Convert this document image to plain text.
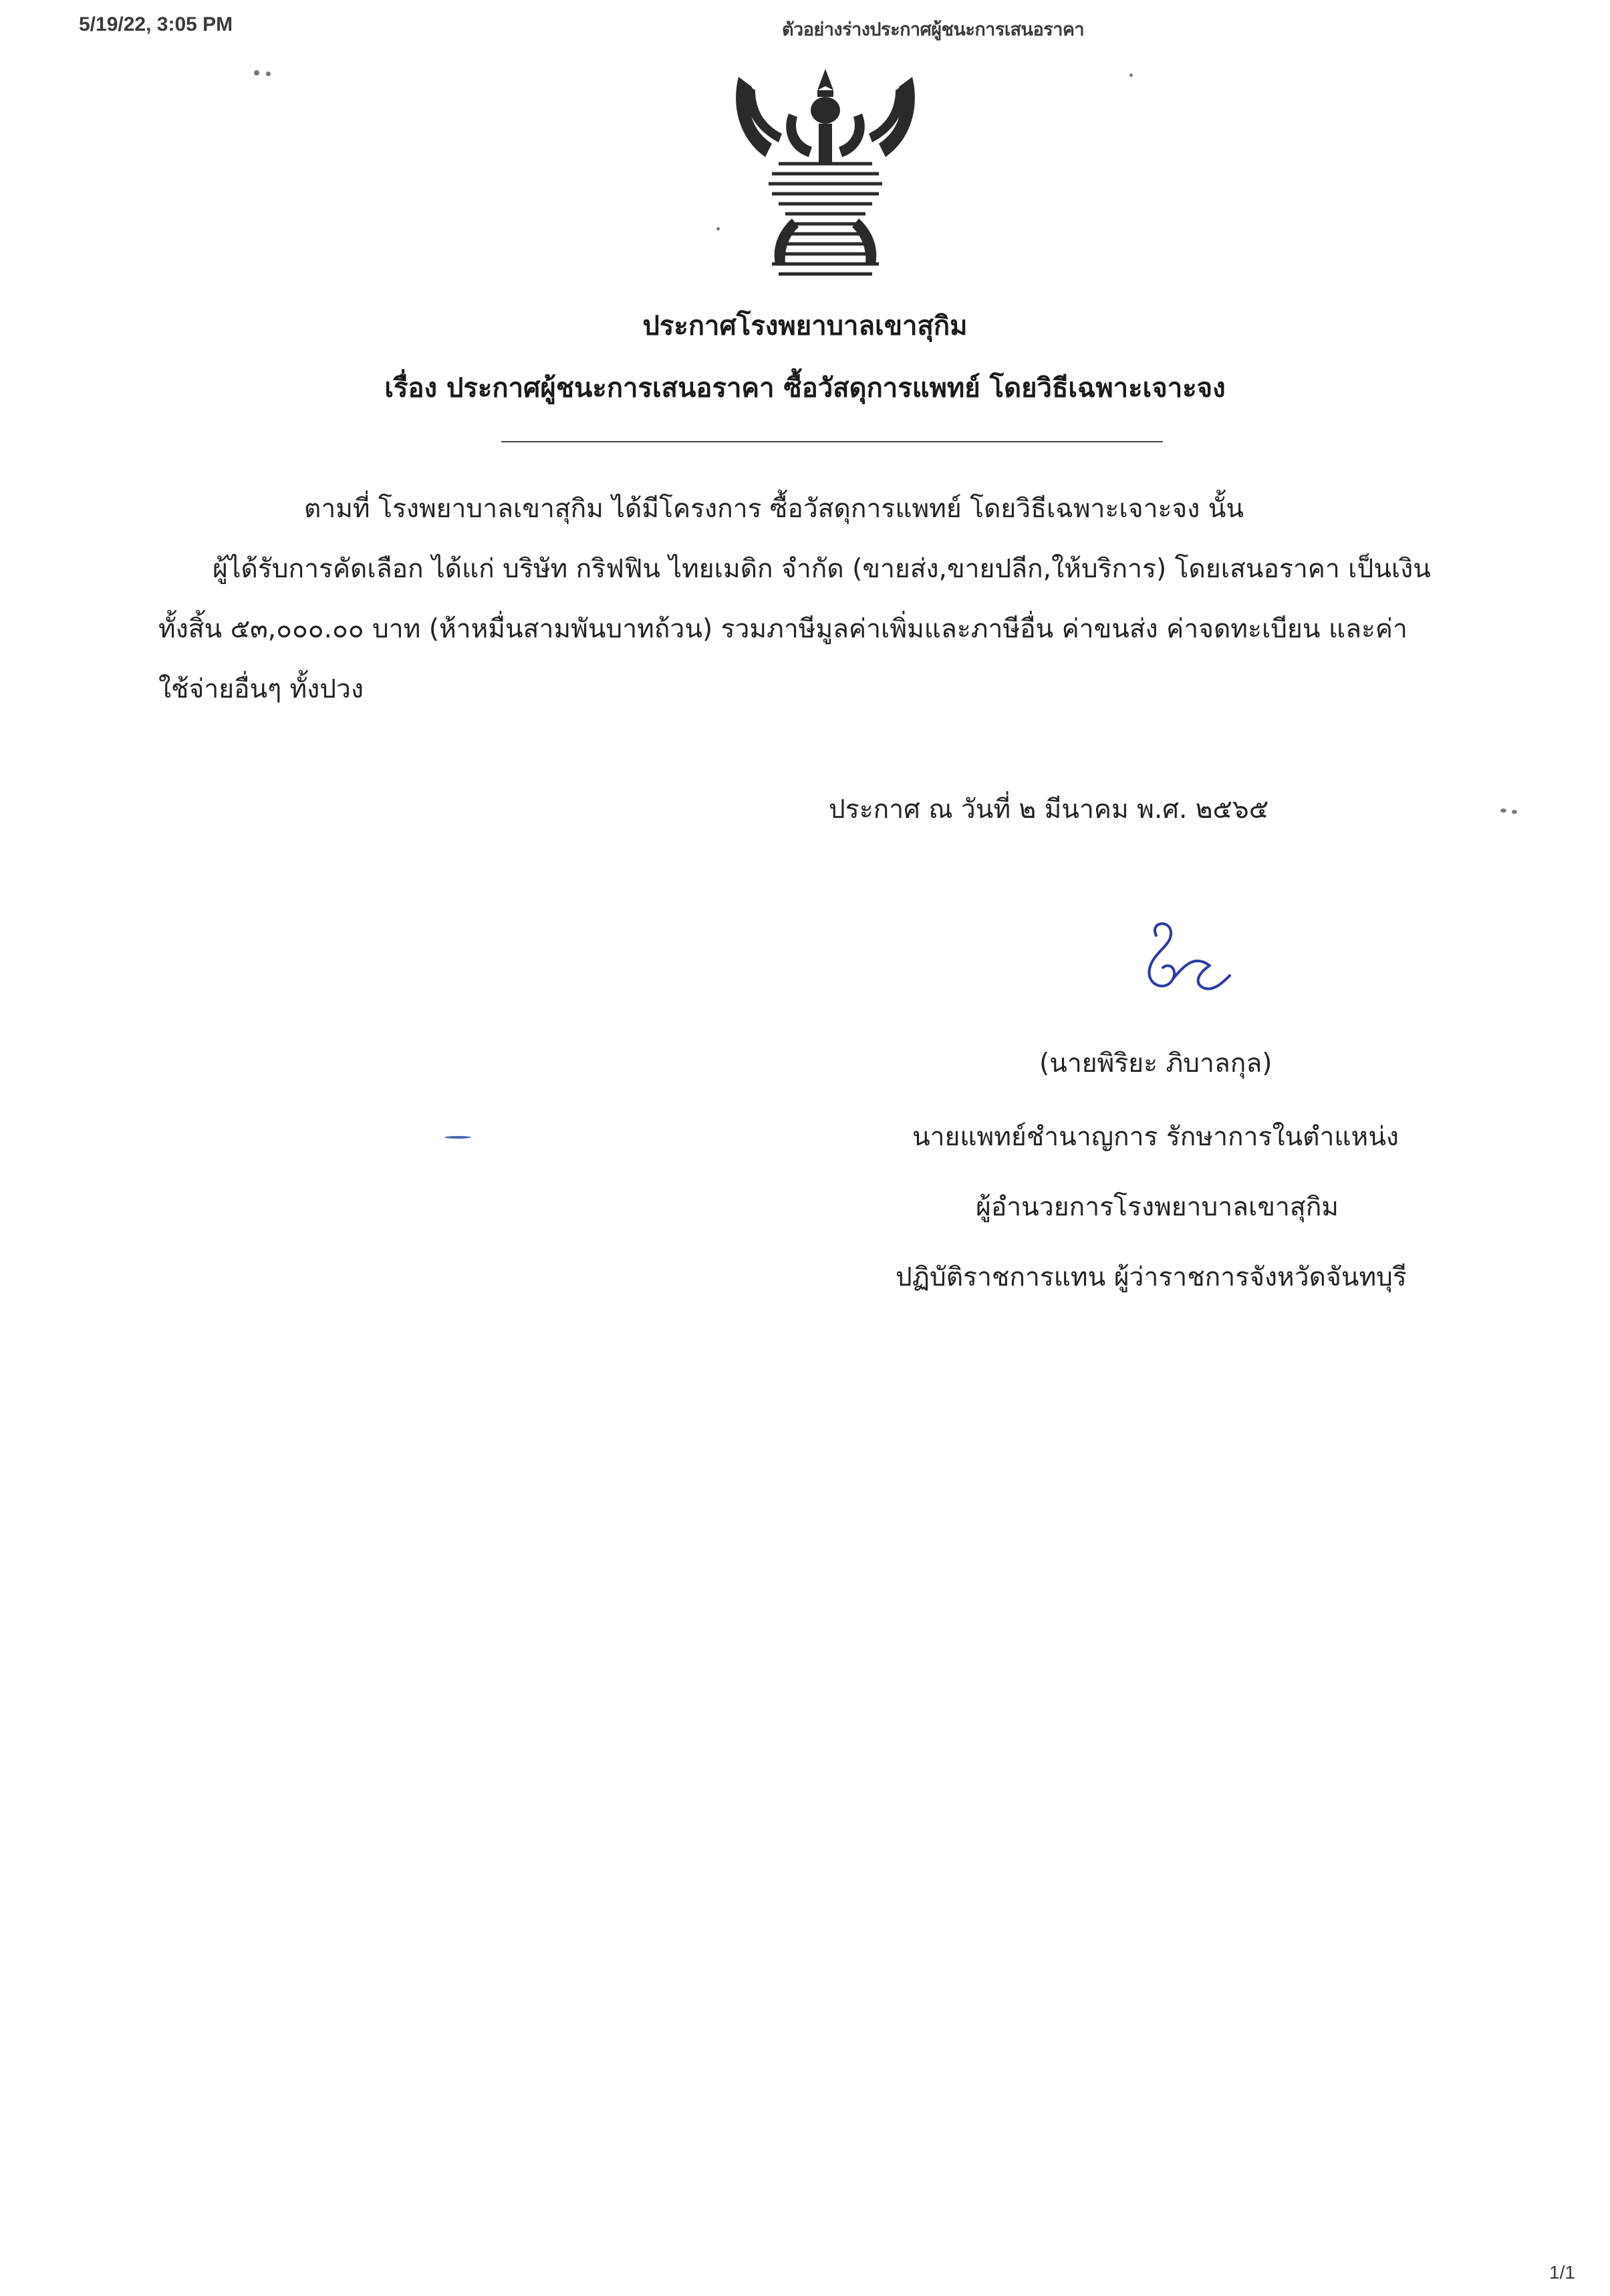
5/19/22, 3:05 PM	ตัวอย่างร่างประกาศผู้ชนะการเสนอราคา
ประกาศโรงพยาบาลเขาสุกิม
เรื่อง ประกาศผู้ชนะการเสนอราคา ซื้อวัสดุการแพทย์ โดยวิธีเฉพาะเจาะจง
ตามที่ โรงพยาบาลเขาสุกิม ได้มีโครงการ ซื้อวัสดุการแพทย์ โดยวิธีเฉพาะเจาะจง นั้น
ผู้ได้รับการคัดเลือก ได้แก่ บริษัท กริฟฟิน ไทยเมดิก จำกัด (ขายส่ง,ขายปลีก,ให้บริการ) โดยเสนอราคา เป็นเงิน
ทั้งสิ้น ๕๓,๐๐๐.๐๐ บาท (ห้าหมื่นสามพันบาทถ้วน) รวมภาษีมูลค่าเพิ่มและภาษีอื่น ค่าขนส่ง ค่าจดทะเบียน และค่า
ใช้จ่ายอื่นๆ ทั้งปวง
ประกาศ ณ วันที่ ๒ มีนาคม พ.ศ. ๒๕๖๕
(นายพิริยะ ภิบาลกุล)
นายแพทย์ชำนาญการ รักษาการในตำแหน่ง
ผู้อำนวยการโรงพยาบาลเขาสุกิม
ปฏิบัติราชการแทน ผู้ว่าราชการจังหวัดจันทบุรี
1/1
